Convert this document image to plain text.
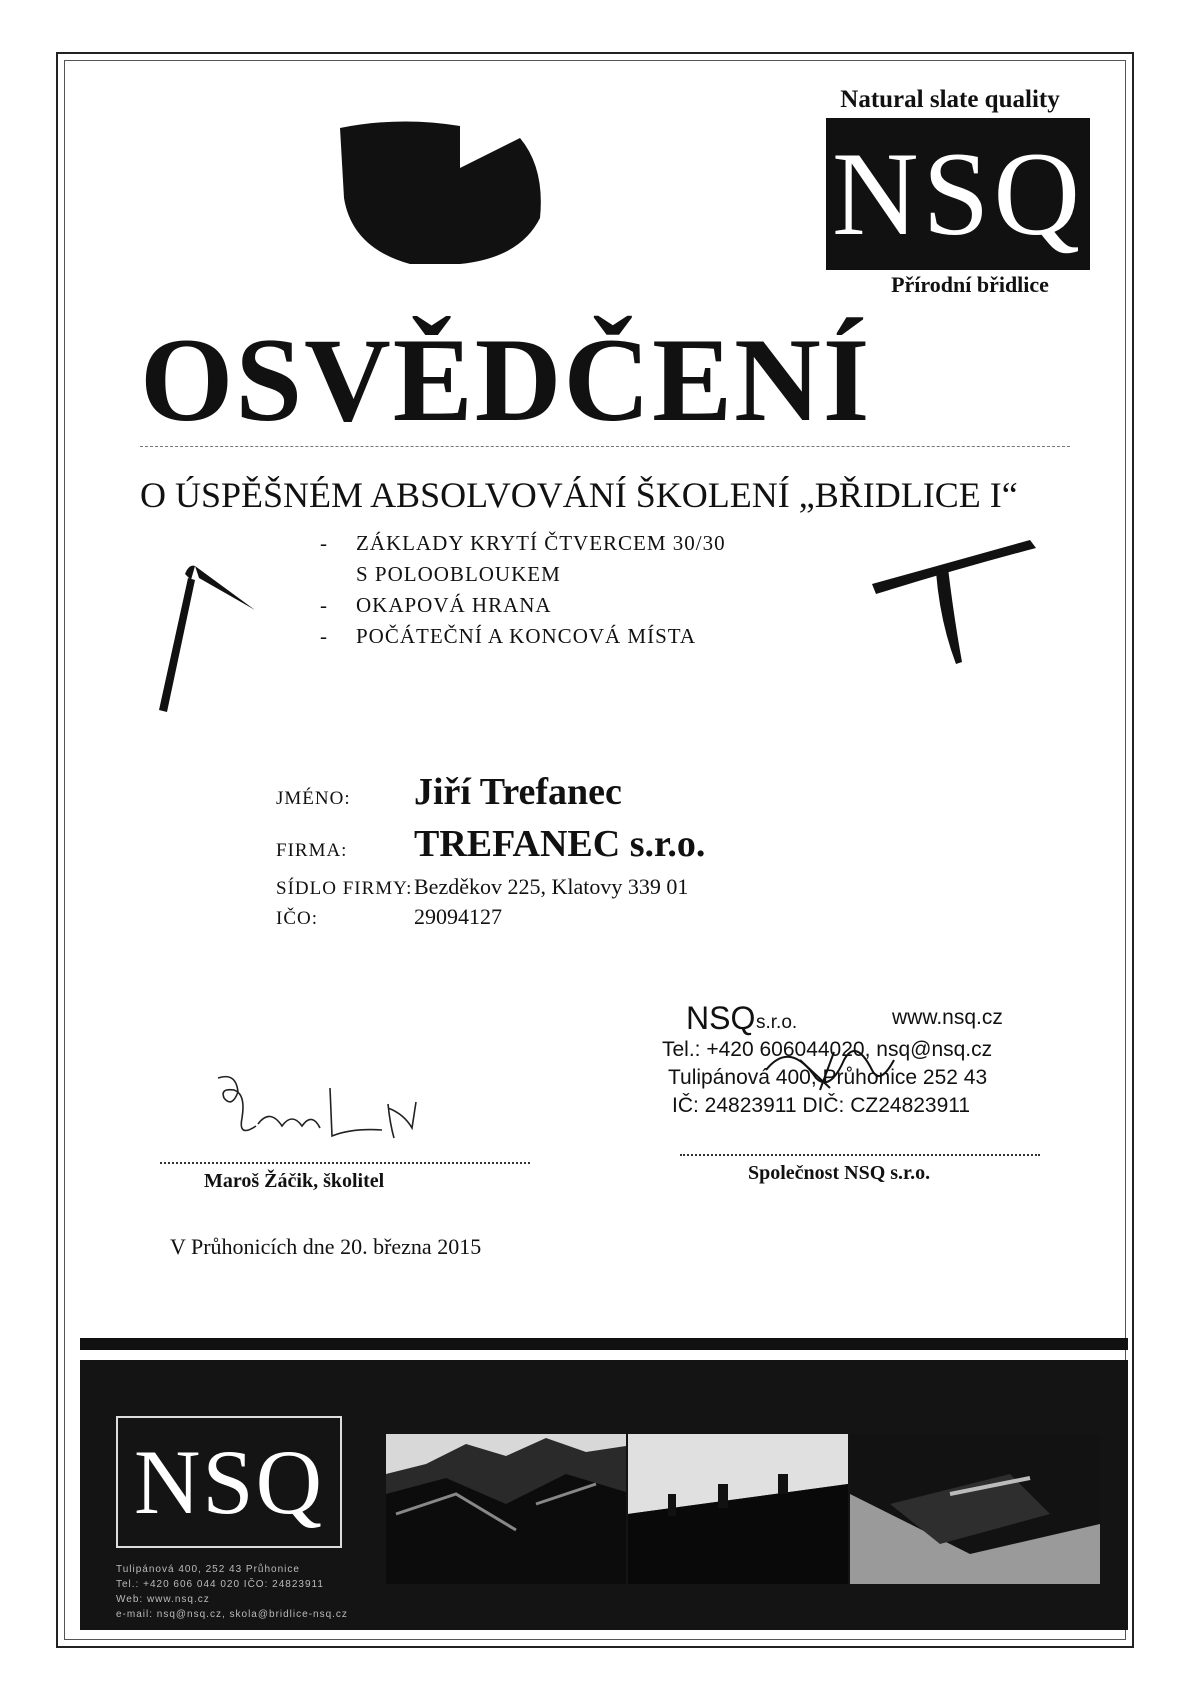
Natural slate quality
NSQ
Přírodní břidlice
OSVĚDČENÍ
O ÚSPĚŠNÉM ABSOLVOVÁNÍ ŠKOLENÍ „BŘIDLICE I“
- ZÁKLADY KRYTÍ ČTVERCEM 30/30
S POLOOBLOUKEM
- OKAPOVÁ HRANA
- POČÁTEČNÍ A KONCOVÁ MÍSTA
JMÉNO: Jiří Trefanec
FIRMA: TREFANEC s.r.o.
SÍDLO FIRMY: Bezděkov 225, Klatovy 339 01
IČO:	29094127
NSQ s.r.o.	www.nsq.cz
Tel.: +420 606044020, nsq@nsq.cz
Tulipánová 400, Průhonice 252 43
IČ: 24823911 DIČ: CZ24823911
Maroš Žáčik, školitel	Společnost NSQ s.r.o.
V Průhonicích dne 20. března 2015
NSQ
Tulipánová 400, 252 43 Průhonice
Tel.: +420 606 044 020 IČO: 24823911
Web: www.nsq.cz
e-mail: nsq@nsq.cz, skola@bridlice-nsq.cz
